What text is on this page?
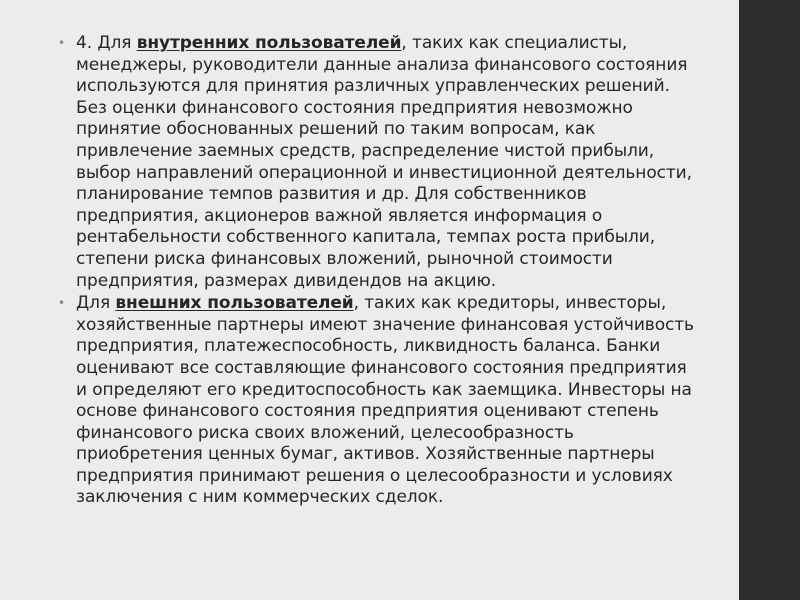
• 4. Для внутренних пользователей, таких как специалисты, менеджеры, руководители данные анализа финансового состояния используются для принятия различных управленческих решений. Без оценки финансового состояния предприятия невозможно принятие обоснованных решений по таким вопросам, как привлечение заемных средств, распределение чистой прибыли, выбор направлений операционной и инвестиционной деятельности, планирование темпов развития и др. Для собственников предприятия, акционеров важной является информация о рентабельности собственного капитала, темпах роста прибыли, степени риска финансовых вложений, рыночной стоимости предприятия, размерах дивидендов на акцию.

• Для внешних пользователей, таких как кредиторы, инвесторы, хозяйственные партнеры имеют значение финансовая устойчивость предприятия, платежеспособность, ликвидность баланса. Банки оценивают все составляющие финансового состояния предприятия и определяют его кредитоспособность как заемщика. Инвесторы на основе финансового состояния предприятия оценивают степень финансового риска своих вложений, целесообразность приобретения ценных бумаг, активов. Хозяйственные партнеры предприятия принимают решения о целесообразности и условиях заключения с ним коммерческих сделок.
